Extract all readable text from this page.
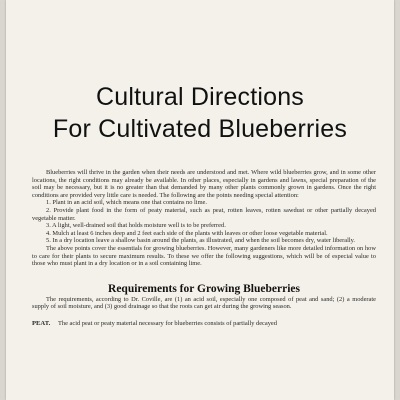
Cultural Directions
For Cultivated Blueberries

Blueberries will thrive in the garden when their needs are understood and met. Where wild blueberries grow, and in some other locations, the right conditions may already be available. In other places, especially in gardens and lawns, special preparation of the soil may be necessary, but it is no greater than that demanded by many other plants commonly grown in gardens. Once the right conditions are provided very little care is needed. The following are the points needing special attention:

1. Plant in an acid soil, which means one that contains no lime.

2. Provide plant food in the form of peaty material, such as peat, rotten leaves, rotten sawdust or other partially decayed vegetable matter.

3. A light, well-drained soil that holds moisture well is to be preferred.

4. Mulch at least 6 inches deep and 2 feet each side of the plants with leaves or other loose vegetable material.

5. In a dry location leave a shallow basin around the plants, as illustrated, and when the soil becomes dry, water liberally.

The above points cover the essentials for growing blueberries. However, many gardeners like more detailed information on how to care for their plants to secure maximum results. To these we offer the following suggestions, which will be of especial value to those who must plant in a dry location or in a soil containing lime.

Requirements for Growing Blueberries

The requirements, according to Dr. Coville, are (1) an acid soil, especially one composed of peat and sand; (2) a moderate supply of soil moisture, and (3) good drainage so that the roots can get air during the growing season.

PEAT. The acid peat or peaty material necessary for blueberries consists of partially decayed
